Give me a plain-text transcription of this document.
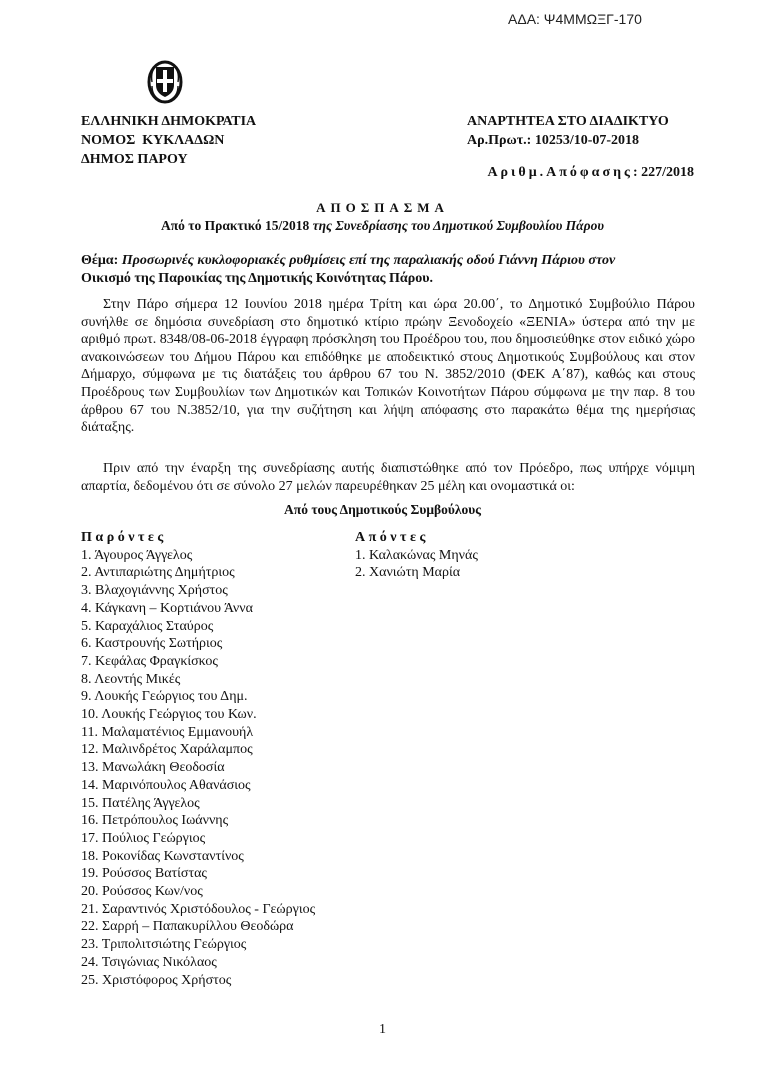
ΑΔΑ: Ψ4ΜΜΩΞΓ-170
ΕΛΛΗΝΙΚΗ ΔΗΜΟΚΡΑΤΙΑ
ΝΟΜΟΣ  ΚΥΚΛΑΔΩΝ
ΔΗΜΟΣ ΠΑΡΟΥ
ΑΝΑΡΤΗΤΕΑ ΣΤΟ ΔΙΑΔΙΚΤΥΟ
Αρ.Πρωτ.: 10253/10-07-2018
Αριθμ.Απόφασης: 227/2018
ΑΠΟΣΠΑΣΜΑ
Από το Πρακτικό 15/2018 της Συνεδρίασης του Δημοτικού Συμβουλίου Πάρου
Θέμα: Προσωρινές κυκλοφοριακές ρυθμίσεις επί της παραλιακής οδού Γιάννη Πάριου στον
Οικισμό της Παροικίας της Δημοτικής Κοινότητας Πάρου.
Στην Πάρο σήμερα 12 Ιουνίου 2018 ημέρα Τρίτη και ώρα 20.00΄, το Δημοτικό Συμβούλιο Πάρου συνήλθε σε δημόσια συνεδρίαση στο δημοτικό κτίριο πρώην Ξενοδοχείο «ΞΕΝΙΑ» ύστερα από την με αριθμό πρωτ. 8348/08-06-2018 έγγραφη πρόσκληση του Προέδρου του, που δημοσιεύθηκε στον ειδικό χώρο ανακοινώσεων του Δήμου Πάρου και επιδόθηκε με αποδεικτικό στους Δημοτικούς Συμβούλους και στον Δήμαρχο, σύμφωνα με τις διατάξεις του άρθρου 67 του Ν. 3852/2010 (ΦΕΚ Α΄87), καθώς και στους Προέδρους των Συμβουλίων των Δημοτικών και Τοπικών Κοινοτήτων Πάρου σύμφωνα με την παρ. 8 του άρθρου 67 του Ν.3852/10, για την συζήτηση και λήψη απόφασης στο παρακάτω θέμα της ημερήσιας διάταξης.
Πριν από την έναρξη της συνεδρίασης αυτής διαπιστώθηκε από τον Πρόεδρο, πως υπήρχε νόμιμη απαρτία, δεδομένου ότι σε σύνολο 27 μελών παρευρέθηκαν 25 μέλη και ονομαστικά οι:
Από τους Δημοτικούς Συμβούλους
Παρόντες
1. Άγουρος Άγγελος
2. Αντιπαριώτης Δημήτριος
3. Βλαχογιάννης Χρήστος
4. Κάγκανη – Κορτιάνου Άννα
5. Καραχάλιος Σταύρος
6. Καστρουνής Σωτήριος
7. Κεφάλας Φραγκίσκος
8. Λεοντής Μικές
9. Λουκής Γεώργιος του Δημ.
10. Λουκής Γεώργιος του Κων.
11. Μαλαματένιος Εμμανουήλ
12. Μαλινδρέτος Χαράλαμπος
13. Μανωλάκη Θεοδοσία
14. Μαρινόπουλος Αθανάσιος
15. Πατέλης Άγγελος
16. Πετρόπουλος Ιωάννης
17. Πούλιος Γεώργιος
18. Ροκονίδας Κωνσταντίνος
19. Ρούσσος Βατίστας
20. Ρούσσος Κων/νος
21. Σαραντινός Χριστόδουλος - Γεώργιος
22. Σαρρή – Παπακυρίλλου Θεοδώρα
23. Τριπολιτσιώτης Γεώργιος
24. Τσιγώνιας Νικόλαος
25. Χριστόφορος Χρήστος
Απόντες
1. Καλακώνας Μηνάς
2. Χανιώτη Μαρία
1
